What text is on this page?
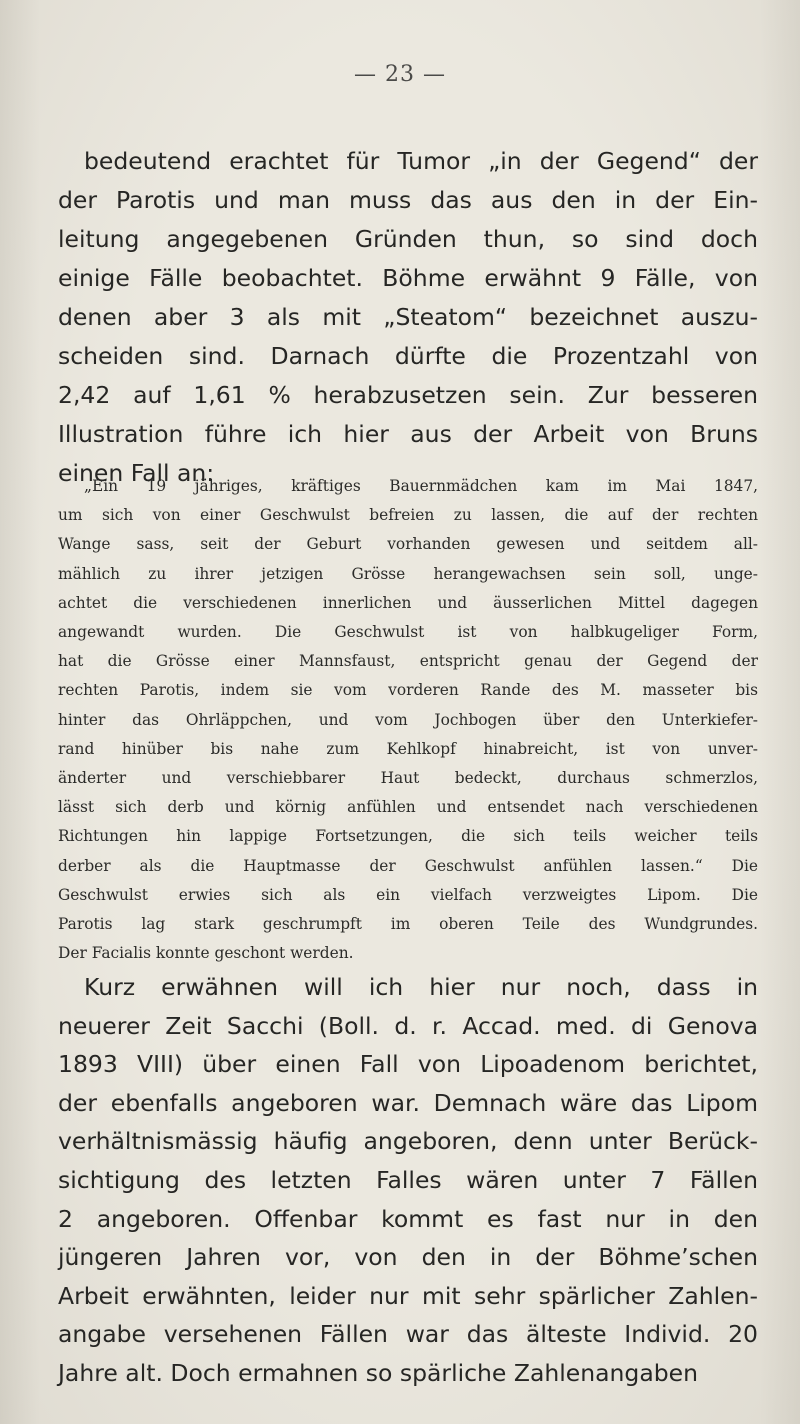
— 23 —
bedeutend erachtet für Tumor „in der Gegend“ der
der Parotis und man muss das aus den in der Ein-
leitung angegebenen Gründen thun, so sind doch
einige Fälle beobachtet. Böhme erwähnt 9 Fälle, von
denen aber 3 als mit „Steatom“ bezeichnet auszu-
scheiden sind. Darnach dürfte die Prozentzahl von
2,42 auf 1,61 % herabzusetzen sein. Zur besseren
Illustration führe ich hier aus der Arbeit von Bruns
einen Fall an:
„Ein 19 jähriges, kräftiges Bauernmädchen kam im Mai 1847,
um sich von einer Geschwulst befreien zu lassen, die auf der rechten
Wange sass, seit der Geburt vorhanden gewesen und seitdem all-
mählich zu ihrer jetzigen Grösse herangewachsen sein soll, unge-
achtet die verschiedenen innerlichen und äusserlichen Mittel dagegen
angewandt wurden. Die Geschwulst ist von halbkugeliger Form,
hat die Grösse einer Mannsfaust, entspricht genau der Gegend der
rechten Parotis, indem sie vom vorderen Rande des M. masseter bis
hinter das Ohrläppchen, und vom Jochbogen über den Unterkiefer-
rand hinüber bis nahe zum Kehlkopf hinabreicht, ist von unver-
änderter und verschiebbarer Haut bedeckt, durchaus schmerzlos,
lässt sich derb und körnig anfühlen und entsendet nach verschiedenen
Richtungen hin lappige Fortsetzungen, die sich teils weicher teils
derber als die Hauptmasse der Geschwulst anfühlen lassen.“ Die
Geschwulst erwies sich als ein vielfach verzweigtes Lipom. Die
Parotis lag stark geschrumpft im oberen Teile des Wundgrundes.
Der Facialis konnte geschont werden.
Kurz erwähnen will ich hier nur noch, dass in
neuerer Zeit Sacchi (Boll. d. r. Accad. med. di Genova
1893 VIII) über einen Fall von Lipoadenom berichtet,
der ebenfalls angeboren war. Demnach wäre das Lipom
verhältnismässig häufig angeboren, denn unter Berück-
sichtigung des letzten Falles wären unter 7 Fällen
2 angeboren. Offenbar kommt es fast nur in den
jüngeren Jahren vor, von den in der Böhme’schen
Arbeit erwähnten, leider nur mit sehr spärlicher Zahlen-
angabe versehenen Fällen war das älteste Individ. 20
Jahre alt. Doch ermahnen so spärliche Zahlenangaben
